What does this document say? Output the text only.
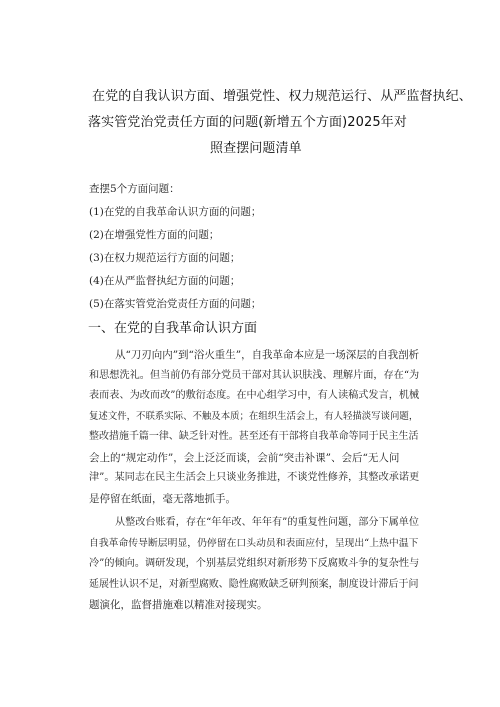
在党的自我认识方面、增强党性、权力规范运行、从严监督执纪、
落实管党治党责任方面的问题(新增五个方面)2025年对
照查摆问题清单
查摆5个方面问题：
(1)在党的自我革命认识方面的问题；
(2)在增强党性方面的问题；
(3)在权力规范运行方面的问题；
(4)在从严监督执纪方面的问题；
(5)在落实管党治党责任方面的问题；
一、在党的自我革命认识方面
从“刀刃向内”到“浴火重生”，自我革命本应是一场深层的自我剖析
和思想洗礼。但当前仍有部分党员干部对其认识肤浅、理解片面，存在“为
表而表、为改而改”的敷衍态度。在中心组学习中，有人读稿式发言，机械
复述文件，不联系实际、不触及本质；在组织生活会上，有人轻描淡写谈问题，
整改措施千篇一律、缺乏针对性。甚至还有干部将自我革命等同于民主生活
会上的“规定动作”，会上泛泛而谈，会前“突击补课”、会后“无人问
津”。某同志在民主生活会上只谈业务推进，不谈党性修养，其整改承诺更
是停留在纸面，毫无落地抓手。
从整改台账看，存在“年年改、年年有”的重复性问题，部分下属单位
自我革命传导断层明显，仍停留在口头动员和表面应付，呈现出“上热中温下
冷”的倾向。调研发现，个别基层党组织对新形势下反腐败斗争的复杂性与
延展性认识不足，对新型腐败、隐性腐败缺乏研判预案，制度设计滞后于问
题演化，监督措施难以精准对接现实。
